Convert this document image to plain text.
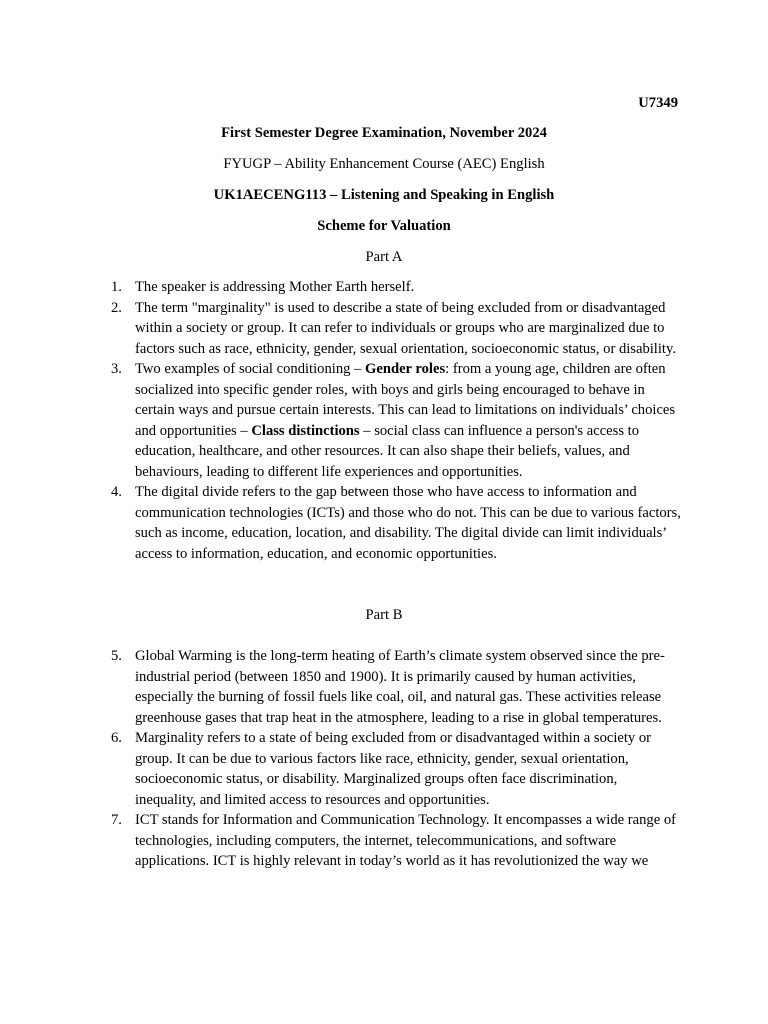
U7349

First Semester Degree Examination, November 2024

FYUGP – Ability Enhancement Course (AEC) English

UK1AECENG113 – Listening and Speaking in English

Scheme for Valuation

Part A

1. The speaker is addressing Mother Earth herself.
2. The term "marginality" is used to describe a state of being excluded from or disadvantaged within a society or group. It can refer to individuals or groups who are marginalized due to factors such as race, ethnicity, gender, sexual orientation, socioeconomic status, or disability.
3. Two examples of social conditioning – Gender roles: from a young age, children are often socialized into specific gender roles, with boys and girls being encouraged to behave in certain ways and pursue certain interests. This can lead to limitations on individuals’ choices and opportunities – Class distinctions – social class can influence a person's access to education, healthcare, and other resources. It can also shape their beliefs, values, and behaviours, leading to different life experiences and opportunities.
4. The digital divide refers to the gap between those who have access to information and communication technologies (ICTs) and those who do not. This can be due to various factors, such as income, education, location, and disability. The digital divide can limit individuals’ access to information, education, and economic opportunities.

Part B

5. Global Warming is the long-term heating of Earth’s climate system observed since the pre-industrial period (between 1850 and 1900). It is primarily caused by human activities, especially the burning of fossil fuels like coal, oil, and natural gas. These activities release greenhouse gases that trap heat in the atmosphere, leading to a rise in global temperatures.
6. Marginality refers to a state of being excluded from or disadvantaged within a society or group. It can be due to various factors like race, ethnicity, gender, sexual orientation, socioeconomic status, or disability. Marginalized groups often face discrimination, inequality, and limited access to resources and opportunities.
7. ICT stands for Information and Communication Technology. It encompasses a wide range of technologies, including computers, the internet, telecommunications, and software applications. ICT is highly relevant in today’s world as it has revolutionized the way we
